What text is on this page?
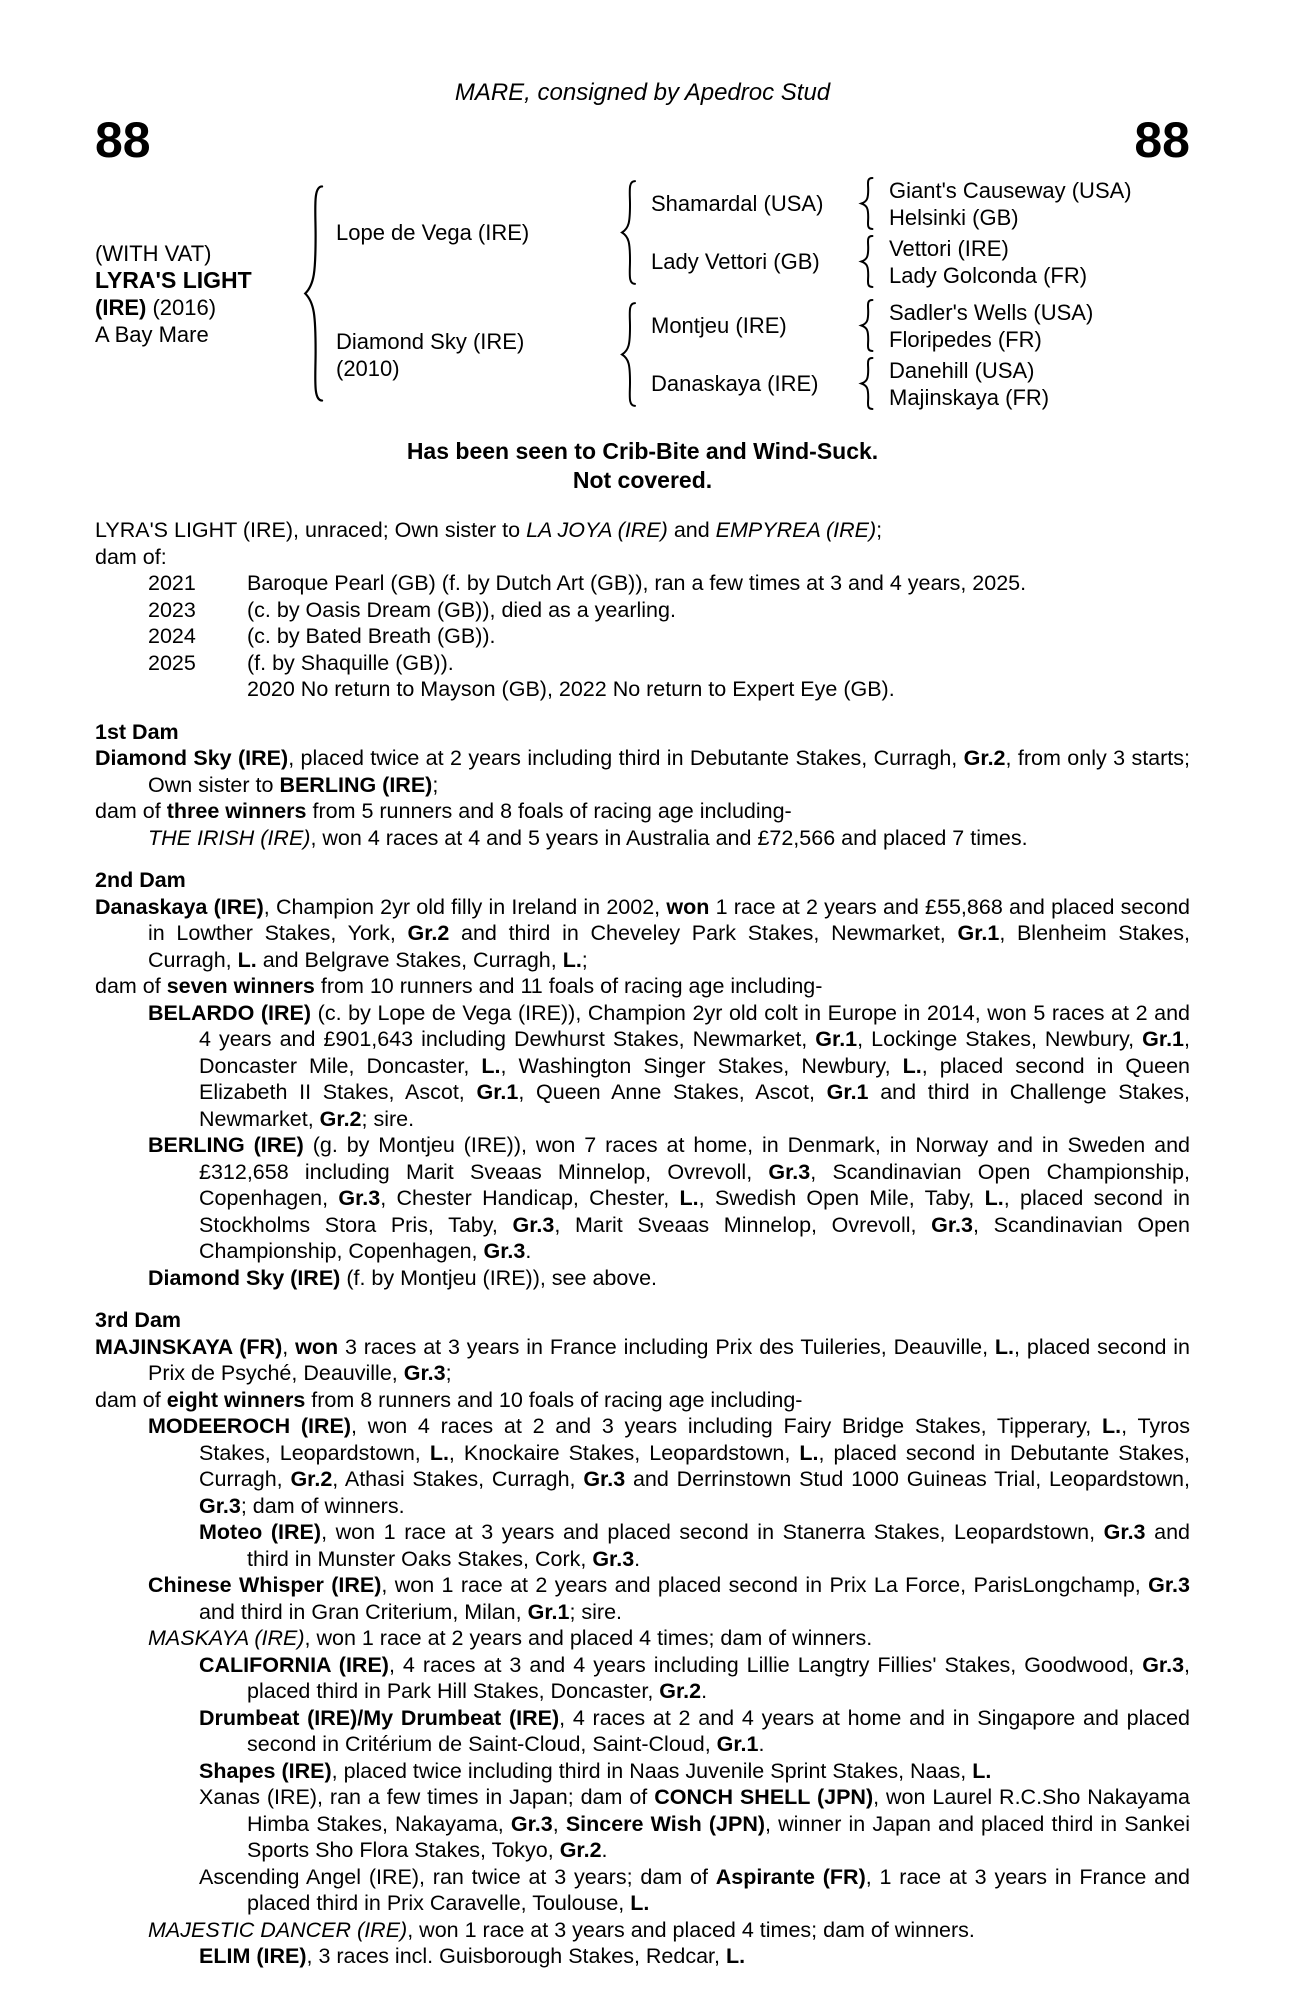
MARE, consigned by Apedroc Stud
88	88
(WITH VAT)
LYRA'S LIGHT
(IRE) (2016)
A Bay Mare
Lope de Vega (IRE)
Shamardal (USA)
Giant's Causeway (USA)
Helsinki (GB)
Lady Vettori (GB)
Vettori (IRE)
Lady Golconda (FR)
Diamond Sky (IRE)
(2010)
Montjeu (IRE)
Sadler's Wells (USA)
Floripedes (FR)
Danaskaya (IRE)
Danehill (USA)
Majinskaya (FR)
Has been seen to Crib-Bite and Wind-Suck.
Not covered.
LYRA'S LIGHT (IRE), unraced; Own sister to LA JOYA (IRE) and EMPYREA (IRE);
dam of:
2021	Baroque Pearl (GB) (f. by Dutch Art (GB)), ran a few times at 3 and 4 years, 2025.
2023	(c. by Oasis Dream (GB)), died as a yearling.
2024	(c. by Bated Breath (GB)).
2025	(f. by Shaquille (GB)).
2020 No return to Mayson (GB), 2022 No return to Expert Eye (GB).
1st Dam
Diamond Sky (IRE), placed twice at 2 years including third in Debutante Stakes, Curragh, Gr.2, from only 3 starts; Own sister to BERLING (IRE);
dam of three winners from 5 runners and 8 foals of racing age including-
THE IRISH (IRE), won 4 races at 4 and 5 years in Australia and £72,566 and placed 7 times.
2nd Dam
Danaskaya (IRE), Champion 2yr old filly in Ireland in 2002, won 1 race at 2 years and £55,868 and placed second in Lowther Stakes, York, Gr.2 and third in Cheveley Park Stakes, Newmarket, Gr.1, Blenheim Stakes, Curragh, L. and Belgrave Stakes, Curragh, L.;
dam of seven winners from 10 runners and 11 foals of racing age including-
BELARDO (IRE) (c. by Lope de Vega (IRE)), Champion 2yr old colt in Europe in 2014, won 5 races at 2 and 4 years and £901,643 including Dewhurst Stakes, Newmarket, Gr.1, Lockinge Stakes, Newbury, Gr.1, Doncaster Mile, Doncaster, L., Washington Singer Stakes, Newbury, L., placed second in Queen Elizabeth II Stakes, Ascot, Gr.1, Queen Anne Stakes, Ascot, Gr.1 and third in Challenge Stakes, Newmarket, Gr.2; sire.
BERLING (IRE) (g. by Montjeu (IRE)), won 7 races at home, in Denmark, in Norway and in Sweden and £312,658 including Marit Sveaas Minnelop, Ovrevoll, Gr.3, Scandinavian Open Championship, Copenhagen, Gr.3, Chester Handicap, Chester, L., Swedish Open Mile, Taby, L., placed second in Stockholms Stora Pris, Taby, Gr.3, Marit Sveaas Minnelop, Ovrevoll, Gr.3, Scandinavian Open Championship, Copenhagen, Gr.3.
Diamond Sky (IRE) (f. by Montjeu (IRE)), see above.
3rd Dam
MAJINSKAYA (FR), won 3 races at 3 years in France including Prix des Tuileries, Deauville, L., placed second in Prix de Psyché, Deauville, Gr.3;
dam of eight winners from 8 runners and 10 foals of racing age including-
MODEEROCH (IRE), won 4 races at 2 and 3 years including Fairy Bridge Stakes, Tipperary, L., Tyros Stakes, Leopardstown, L., Knockaire Stakes, Leopardstown, L., placed second in Debutante Stakes, Curragh, Gr.2, Athasi Stakes, Curragh, Gr.3 and Derrinstown Stud 1000 Guineas Trial, Leopardstown, Gr.3; dam of winners.
Moteo (IRE), won 1 race at 3 years and placed second in Stanerra Stakes, Leopardstown, Gr.3 and third in Munster Oaks Stakes, Cork, Gr.3.
Chinese Whisper (IRE), won 1 race at 2 years and placed second in Prix La Force, ParisLongchamp, Gr.3 and third in Gran Criterium, Milan, Gr.1; sire.
MASKAYA (IRE), won 1 race at 2 years and placed 4 times; dam of winners.
CALIFORNIA (IRE), 4 races at 3 and 4 years including Lillie Langtry Fillies' Stakes, Goodwood, Gr.3, placed third in Park Hill Stakes, Doncaster, Gr.2.
Drumbeat (IRE)/My Drumbeat (IRE), 4 races at 2 and 4 years at home and in Singapore and placed second in Critérium de Saint-Cloud, Saint-Cloud, Gr.1.
Shapes (IRE), placed twice including third in Naas Juvenile Sprint Stakes, Naas, L.
Xanas (IRE), ran a few times in Japan; dam of CONCH SHELL (JPN), won Laurel R.C.Sho Nakayama Himba Stakes, Nakayama, Gr.3, Sincere Wish (JPN), winner in Japan and placed third in Sankei Sports Sho Flora Stakes, Tokyo, Gr.2.
Ascending Angel (IRE), ran twice at 3 years; dam of Aspirante (FR), 1 race at 3 years in France and placed third in Prix Caravelle, Toulouse, L.
MAJESTIC DANCER (IRE), won 1 race at 3 years and placed 4 times; dam of winners.
ELIM (IRE), 3 races incl. Guisborough Stakes, Redcar, L.
